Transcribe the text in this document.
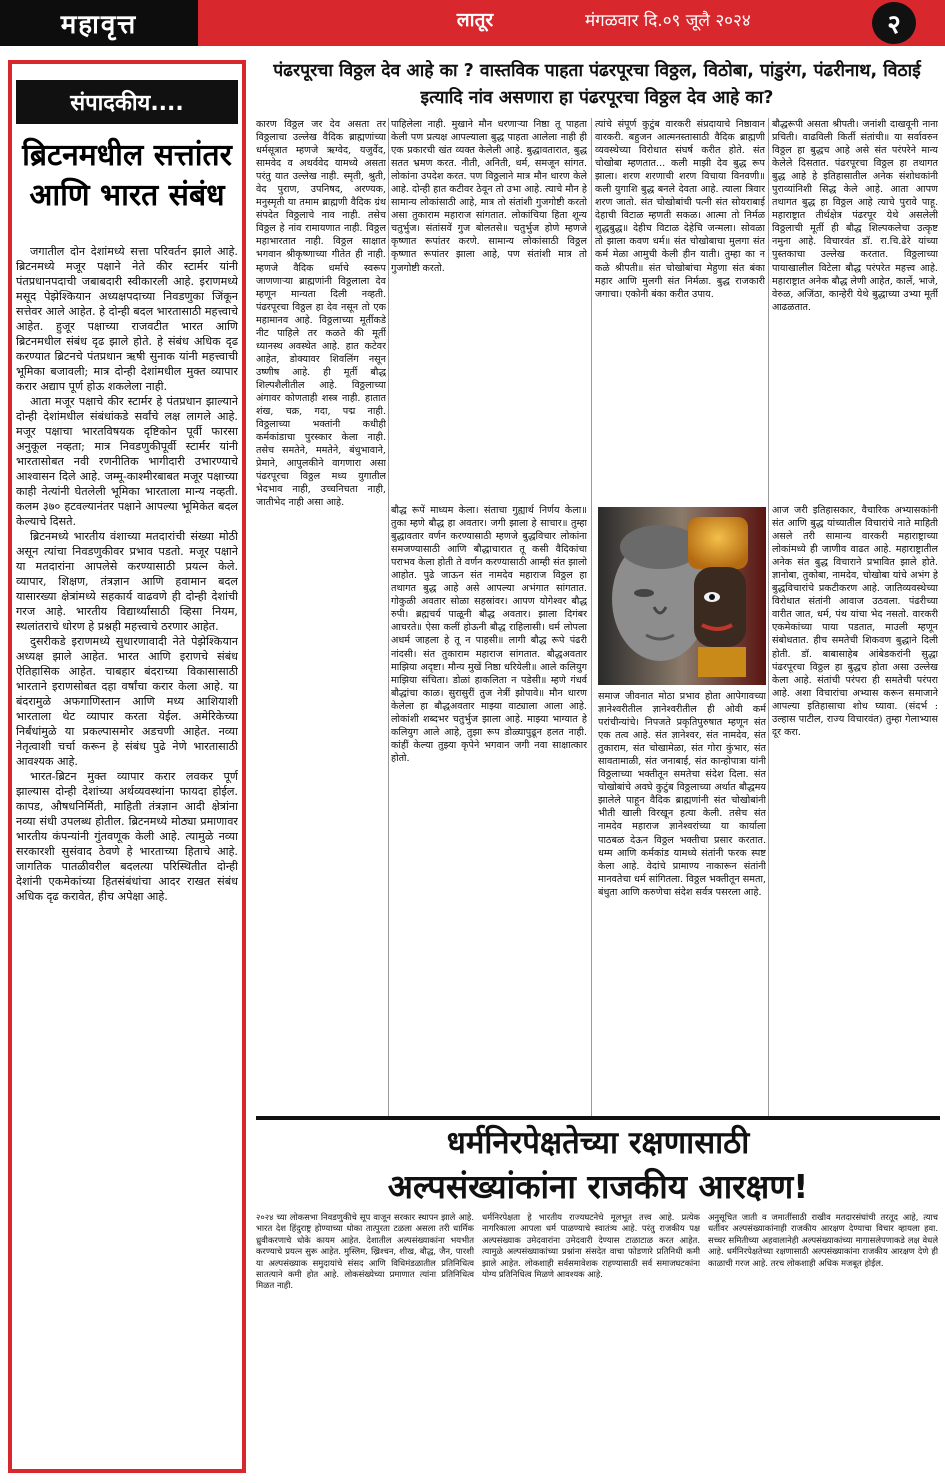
महावृत्त	लातूर	मंगळवार दि.०९ जूलै २०२४	२
संपादकीय....
ब्रिटनमधील सत्तांतर आणि भारत संबंध

जगातील दोन देशांमध्ये सत्ता परिवर्तन झाले आहे. ब्रिटनमध्ये मजूर पक्षाने नेते कीर स्टार्मर यांनी पंतप्रधानपदाची जबाबदारी स्वीकारली आहे. इराणमध्ये मसूद पेझेश्कियान अध्यक्षपदाच्या निवडणुका जिंकून सत्तेवर आले आहेत. हे दोन्ही बदल भारतासाठी महत्त्वाचे आहेत. हुजूर पक्षाच्या राजवटीत भारत आणि ब्रिटनमधील संबंध दृढ झाले होते. हे संबंध अधिक दृढ करण्यात ब्रिटनचे पंतप्रधान ऋषी सुनाक यांनी महत्त्वाची भूमिका बजावली; मात्र दोन्ही देशांमधील मुक्त व्यापार करार अद्याप पूर्ण होऊ शकलेला नाही.

आता मजूर पक्षाचे कीर स्टार्मर हे पंतप्रधान झाल्याने दोन्ही देशांमधील संबंधांकडे सर्वांचे लक्ष लागले आहे. मजूर पक्षाचा भारतविषयक दृष्टिकोन पूर्वी फारसा अनुकूल नव्हता; मात्र निवडणुकीपूर्वी स्टार्मर यांनी भारतासोबत नवी रणनीतिक भागीदारी उभारण्याचे आश्वासन दिले आहे. जम्मू-काश्मीरबाबत मजूर पक्षाच्या काही नेत्यांनी घेतलेली भूमिका भारताला मान्य नव्हती. कलम ३७० हटवल्यानंतर पक्षाने आपल्या भूमिकेत बदल केल्याचे दिसते.

ब्रिटनमध्ये भारतीय वंशाच्या मतदारांची संख्या मोठी असून त्यांचा निवडणुकीवर प्रभाव पडतो. मजूर पक्षाने या मतदारांना आपलेसे करण्यासाठी प्रयत्न केले. व्यापार, शिक्षण, तंत्रज्ञान आणि हवामान बदल यासारख्या क्षेत्रांमध्ये सहकार्य वाढवणे ही दोन्ही देशांची गरज आहे. भारतीय विद्यार्थ्यांसाठी व्हिसा नियम, स्थलांतराचे धोरण हे प्रश्नही महत्त्वाचे ठरणार आहेत.

दुसरीकडे इराणमध्ये सुधारणावादी नेते पेझेश्कियान अध्यक्ष झाले आहेत. भारत आणि इराणचे संबंध ऐतिहासिक आहेत. चाबहार बंदराच्या विकासासाठी भारताने इराणसोबत दहा वर्षांचा करार केला आहे. या बंदरामुळे अफगाणिस्तान आणि मध्य आशियाशी भारताला थेट व्यापार करता येईल. अमेरिकेच्या निर्बंधांमुळे या प्रकल्पासमोर अडचणी आहेत. नव्या नेतृत्वाशी चर्चा करून हे संबंध पुढे नेणे भारतासाठी आवश्यक आहे.

भारत-ब्रिटन मुक्त व्यापार करार लवकर पूर्ण झाल्यास दोन्ही देशांच्या अर्थव्यवस्थांना फायदा होईल. कापड, औषधनिर्मिती, माहिती तंत्रज्ञान आदी क्षेत्रांना नव्या संधी उपलब्ध होतील. ब्रिटनमध्ये मोठ्या प्रमाणावर भारतीय कंपन्यांनी गुंतवणूक केली आहे. त्यामुळे नव्या सरकारशी सुसंवाद ठेवणे हे भारताच्या हिताचे आहे. जागतिक पातळीवरील बदलत्या परिस्थितीत दोन्ही देशांनी एकमेकांच्या हितसंबंधांचा आदर राखत संबंध अधिक दृढ करावेत, हीच अपेक्षा आहे.

पंढरपूरचा विठ्ठल देव आहे का ? वास्तविक पाहता पंढरपूरचा विठ्ठल, विठोबा, पांडुरंग, पंढरीनाथ, विठाई इत्यादि नांव असणारा हा पंढरपूरचा विठ्ठल देव आहे का?
कारण विठ्ठल जर देव असता तर विठ्ठलाचा उल्लेख वैदिक ब्राह्मणांच्या धर्मसूत्रात म्हणजे ऋग्वेद, यजुर्वेद, सामवेद व अथर्ववेद यामध्ये असता परंतु यात उल्लेख नाही. स्मृती, श्रुती, वेद पुराण, उपनिषद, अरण्यक, मनुस्मृती या तमाम ब्राह्मणी वैदिक ग्रंथ संपदेत विठ्ठलाचे नाव नाही. तसेच विठ्ठल हे नांव रामायणात नाही. विठ्ठल महाभारतात नाही. विठ्ठल साक्षात भगवान श्रीकृष्णाच्या गीतेत ही नाही. म्हणजे वैदिक धर्माचे स्वरूप जाणणाऱ्या ब्राह्मणांनी विठ्ठलाला देव म्हणून मान्यता दिली नव्हती. पंढरपूरचा विठ्ठल हा देव नसून तो एक महामानव आहे. विठ्ठलाच्या मूर्तीकडे नीट पाहिले तर कळते की मूर्ती ध्यानस्थ अवस्थेत आहे. हात कटेवर आहेत, डोक्यावर शिवलिंग नसून उष्णीष आहे. ही मूर्ती बौद्ध शिल्पशैलीतील आहे. विठ्ठलाच्या अंगावर कोणताही शस्त्र नाही. हातात शंख, चक्र, गदा, पद्म नाही. विठ्ठलाच्या भक्तांनी कधीही कर्मकांडाचा पुरस्कार केला नाही. तसेच समतेने, ममतेने, बंधुभावाने, प्रेमाने, आपुलकीने वागणारा असा पंढरपूरचा विठ्ठल मध्य युगातील भेदभाव नाही, उच्चनिचता नाही, जातीभेद नाही असा आहे.
पाहिलेला नाही. मुखाने मौन धरणाऱ्या निष्ठा तू पाहता केली पण प्रत्यक्ष आपल्याला बुद्ध पाहता आलेला नाही ही एक प्रकारची खंत व्यक्त केलेली आहे. बुद्धावतारात, बुद्ध सतत भ्रमण करत. नीती, अनिती, धर्म, समजून सांगत. लोकांना उपदेश करत. पण विठ्ठलाने मात्र मौन धारण केले आहे. दोन्ही हात कटीवर ठेवून तो उभा आहे. त्याचे मौन हे सामान्य लोकांसाठी आहे, मात्र तो संतांशी गुजगोष्टी करतो असा तुकाराम महाराज सांगतात. लोकांचिया हिता शून्य चतुर्भुज। संतांसवें गुज बोलतसे॥ चतुर्भुज होणे म्हणजे कृष्णात रूपांतर करणे. सामान्य लोकांसाठी विठ्ठल कृष्णात रूपांतर झाला आहे, पण संतांशी मात्र तो गुजगोष्टी करतो.
बौद्ध रूपें माध्यम केला। संताचा गुह्यार्थ निर्णय केला॥ तुका म्हणे बौद्ध हा अवतार। जगी झाला हे साचार॥ तुम्हा बुद्धावतार वर्णन करण्यासाठी म्हणजे बुद्धविचार लोकांना समजण्यासाठी आणि बौद्धाचारात तू कसी वैदिकांचा पराभव केला होती ते वर्णन करण्यासाठी आम्ही संत झालो आहोत. पुढे जाऊन संत नामदेव महाराज विठ्ठल हा तथागत बुद्ध आहे असे आपल्या अभंगात सांगतात. गोकुळी अवतार सोळा सहस्रांवर। आपण योगेश्वर बौद्ध रुपी। ब्रह्मचर्य पाळूनी बौद्ध अवतार। झाला दिगंबर आचरते॥ ऐसा कलीं होऊनी बौद्ध राहिलासी। धर्म लोपला अधर्म जाहला हे तू न पाहसी॥ लागी बौद्ध रूपे पंढरी नांदसी। संत तुकाराम महाराज सांगतात. बौद्धअवतार माझिया अदृष्टा। मौन्य मुखें निष्ठा धरियेली॥ आले कलियुग माझिया संचिता। डोळां हाकलिता न पडेसी॥ म्हणे गंधर्व बौद्धांचा काळ। सुरासुरीं तुज नेत्रीं झोपावे॥ मौन धारण केलेला हा बौद्धअवतार माझ्या वाट्याला आला आहे. लोकांशी शब्दभर चतुर्भुज झाला आहे. माझ्या भाग्यात हे कलियुग आले आहे, तुझा रूप डोळ्यापुढून हलत नाही. कांहीं केल्या तुझ्या कृपेने भगवान जगी नवा साक्षात्कार होतो.
त्यांचे संपूर्ण कुटुंब वारकरी संप्रदायाचे निष्ठावान वारकरी. बहुजन आत्मनस्तासाठी वैदिक ब्राह्मणी व्यवस्थेच्या विरोधात संघर्ष करीत होते. संत चोखोबा म्हणतात... कली माझी देव बुद्ध रूप झाला। शरण शरणाची शरण विचाया विनवणी॥ कली युगाशि बुद्ध बनले देवता आहे. त्याला त्रिवार शरण जातो. संत चोखोबांची पत्नी संत सोयराबाई देहाची विटाळ म्हणती सकळ। आत्मा तो निर्मळ शुद्धबुद्ध॥ देहीच विटाळ देहेचि जन्मला। सोवळा तो झाला कवण धर्म॥ संत चोखोबाचा मुलगा संत कर्म मेळा आमुची केली हीन याती। तुम्हा का न कळे श्रीपती॥ संत चोखोबांचा मेहुणा संत बंका महार आणि मुलगी संत निर्मळा. बुद्ध राजकारी जगाचा। एकोनी बंका करीत उपाय.
बौद्धरूपी असता श्रीपती। जनांशी दाखवूनी नाना प्रचिती। वाढविली किर्ती संतांची॥ या सर्वावरुन विठ्ठल हा बुद्धच आहे असे संत परंपरेने मान्य केलेले दिसतात. पंढरपूरचा विठ्ठल हा तथागत बुद्ध आहे हे इतिहासातील अनेक संशोधकांनी पुराव्यांनिशी सिद्ध केले आहे. आता आपण तथागत बुद्ध हा विठ्ठल आहे त्याचे पुरावे पाहू. महाराष्ट्रात तीर्थक्षेत्र पंढरपूर येथे असलेली विठ्ठलाची मूर्ती ही बौद्ध शिल्पकलेचा उत्कृष्ट नमुना आहे. विचारवंत डॉ. रा.चि.ढेरे यांच्या पुस्तकाचा उल्लेख करतात. विठ्ठलाच्या पायाखालील विटेला बौद्ध परंपरेत महत्त्व आहे. महाराष्ट्रात अनेक बौद्ध लेणी आहेत, कार्ले, भाजे, वेरुळ, अजिंठा, कान्हेरी येथे बुद्धाच्या उभ्या मूर्ती आढळतात.
समाज जीवनात मोठा प्रभाव होता आपेगावच्या ज्ञानेश्वरीतील ज्ञानेश्वरीतील ही ओवी कर्म परांचीन्यांचे। निपजते प्रकृतिपुरुषात म्हणून संत एक तत्व आहे. संत ज्ञानेश्वर, संत नामदेव, संत तुकाराम, संत चोखामेळा, संत गोरा कुंभार, संत सावतामाळी, संत जनाबाई, संत कान्होपात्रा यांनी विठ्ठलाच्या भक्तीतून समतेचा संदेश दिला. संत चोखोबांचे अवघे कुटुंब विठ्ठलाच्या अर्थात बौद्धमय झालेले पाहून वैदिक ब्राह्मणांनी संत चोखोबांनी भीती खाली विरखून हत्या केली. तसेच संत नामदेव महाराज ज्ञानेश्वरांच्या या कार्याला पाठबळ देऊन विठ्ठल भक्तीचा प्रसार करतात. धम्म आणि कर्मकांड यामध्ये संतांनी फरक स्पष्ट केला आहे. वेदांचे प्रामाण्य नाकारून संतांनी मानवतेचा धर्म सांगितला. विठ्ठल भक्तीतून समता, बंधुता आणि करुणेचा संदेश सर्वत्र पसरला आहे.
आज जरी इतिहासकार, वैचारिक अभ्यासकांनी संत आणि बुद्ध यांच्यातील विचारांचे नाते माहिती असले तरी सामान्य वारकरी महाराष्ट्राच्या लोकांमध्ये ही जाणीव वाढत आहे. महाराष्ट्रातील अनेक संत बुद्ध विचाराने प्रभावित झाले होते. ज्ञानोबा, तुकोबा, नामदेव, चोखोबा यांचे अभंग हे बुद्धविचारांचे प्रकटीकरण आहे. जातिव्यवस्थेच्या विरोधात संतांनी आवाज उठवला. पंढरीच्या वारीत जात, धर्म, पंथ यांचा भेद नसतो. वारकरी एकमेकांच्या पाया पडतात, माउली म्हणून संबोधतात. हीच समतेची शिकवण बुद्धाने दिली होती. डॉ. बाबासाहेब आंबेडकरांनी सुद्धा पंढरपूरचा विठ्ठल हा बुद्धच होता असा उल्लेख केला आहे. संतांची परंपरा ही समतेची परंपरा आहे. अशा विचारांचा अभ्यास करून समाजाने आपल्या इतिहासाचा शोध घ्यावा. (संदर्भ : उल्हास पाटील, राज्य विचारवंत) तुम्हा गेलाभ्यास दूर करा.
धर्मनिरपेक्षतेच्या रक्षणासाठी
अल्पसंख्यांकांना राजकीय आरक्षण!
२०२४ च्या लोकसभा निवडणुकीचे सूप वाजून सरकार स्थापन झाले आहे. भारत देश हिंदुराष्ट्र होण्याच्या धोका तात्पुरता टळला असला तरी धार्मिक ध्रुवीकरणाचे धोके कायम आहेत. देशातील अल्पसंख्याकांना भयभीत करण्याचे प्रयत्न सुरू आहेत. मुस्लिम, ख्रिश्चन, शीख, बौद्ध, जैन, पारशी या अल्पसंख्याक समुदायांचे संसद आणि विधिमंडळातील प्रतिनिधित्व सातत्याने कमी होत आहे. लोकसंख्येच्या प्रमाणात त्यांना प्रतिनिधित्व मिळत नाही.
धर्मनिरपेक्षता हे भारतीय राज्यघटनेचे मूलभूत तत्त्व आहे. प्रत्येक नागरिकाला आपला धर्म पाळण्याचे स्वातंत्र्य आहे. परंतु राजकीय पक्ष अल्पसंख्याक उमेदवारांना उमेदवारी देण्यास टाळाटाळ करत आहेत. त्यामुळे अल्पसंख्याकांच्या प्रश्नांना संसदेत वाचा फोडणारे प्रतिनिधी कमी झाले आहेत. लोकशाही सर्वसमावेशक राहण्यासाठी सर्व समाजघटकांना योग्य प्रतिनिधित्व मिळणे आवश्यक आहे.
अनुसूचित जाती व जमातींसाठी राखीव मतदारसंघांची तरतूद आहे, त्याच धर्तीवर अल्पसंख्याकांनाही राजकीय आरक्षण देण्याचा विचार व्हायला हवा. सच्चर समितीच्या अहवालानेही अल्पसंख्याकांच्या मागासलेपणाकडे लक्ष वेधले आहे. धर्मनिरपेक्षतेच्या रक्षणासाठी अल्पसंख्याकांना राजकीय आरक्षण देणे ही काळाची गरज आहे. तरच लोकशाही अधिक मजबूत होईल.
